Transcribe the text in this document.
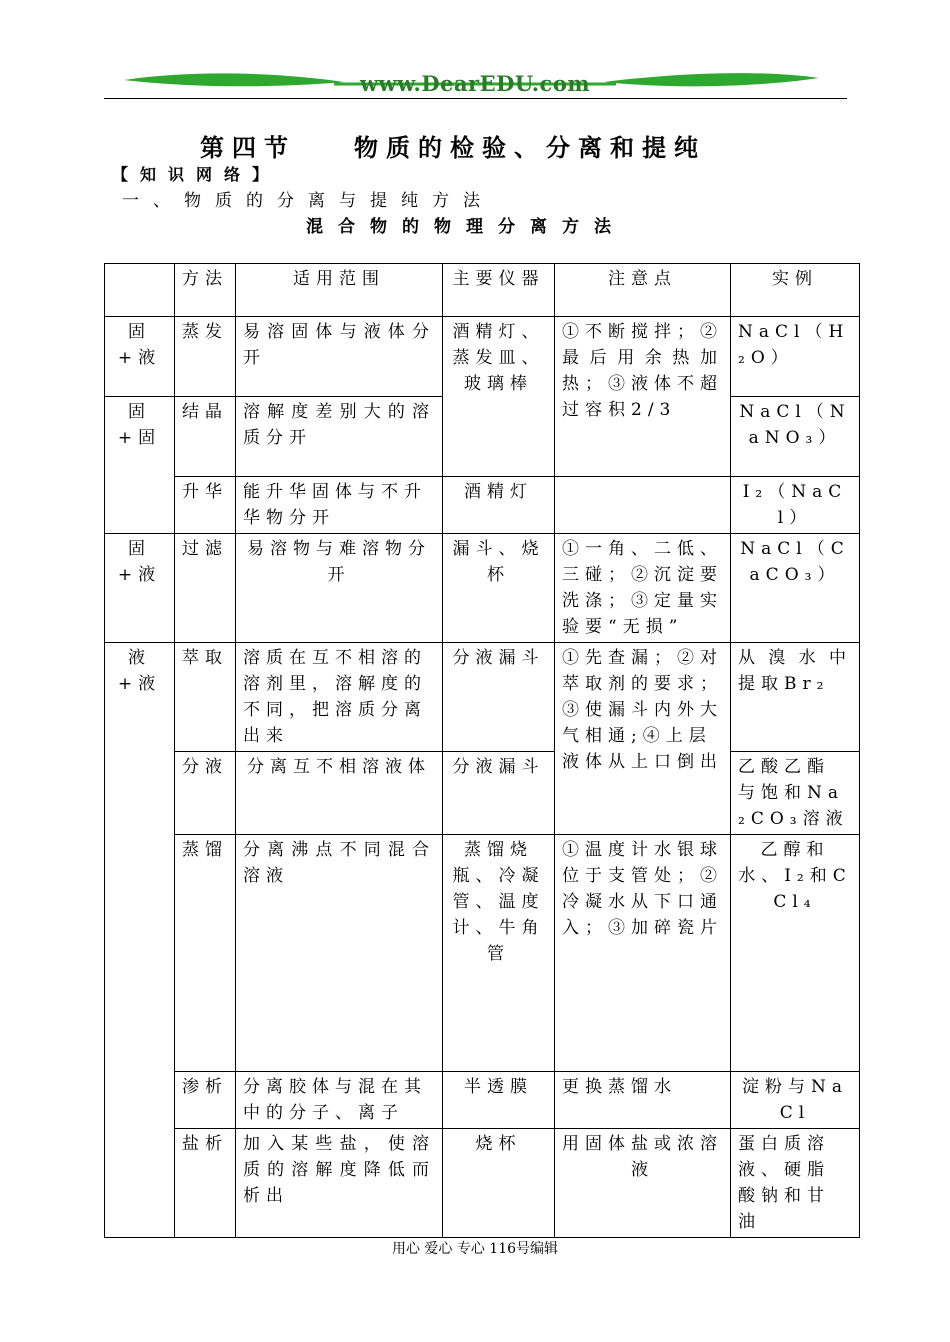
www.DearEDU.com
第四节 物质的检验、分离和提纯
【知识网络】
一、物质的分离与提纯方法
混合物的物理分离方法
	方法	适用范围	主要仪器	注意点	实例
固+液	蒸发	易溶固体与液体分开	酒精灯、蒸发皿、玻璃棒	①不断搅拌；②最后用余热加热；③液体不超过容积2/3	NaCl（H₂O）
固+固	结晶	溶解度差别大的溶质分开			NaCl（NaNO₃）
	升华	能升华固体与不升华物分开	酒精灯		I₂（NaCl）
固+液	过滤	易溶物与难溶物分开	漏斗、烧杯	①一角、二低、三碰；②沉淀要洗涤；③定量实验要“无损”	NaCl（CaCO₃）
液+液	萃取	溶质在互不相溶的溶剂里，溶解度的不同，把溶质分离出来	分液漏斗	①先查漏；②对萃取剂的要求；③使漏斗内外大气相通;④上层液体从上口倒出	从溴水中提取Br₂
	分液	分离互不相溶液体	分液漏斗		乙酸乙酯与饱和Na₂CO₃溶液
	蒸馏	分离沸点不同混合溶液	蒸馏烧瓶、冷凝管、温度计、牛角管	①温度计水银球位于支管处；②冷凝水从下口通入；③加碎瓷片	乙醇和水、I₂和CCl₄
	渗析	分离胶体与混在其中的分子、离子	半透膜	更换蒸馏水	淀粉与NaCl
	盐析	加入某些盐，使溶质的溶解度降低而析出	烧杯	用固体盐或浓溶液	蛋白质溶液、硬脂酸钠和甘油
用心 爱心 专心 116号编辑
